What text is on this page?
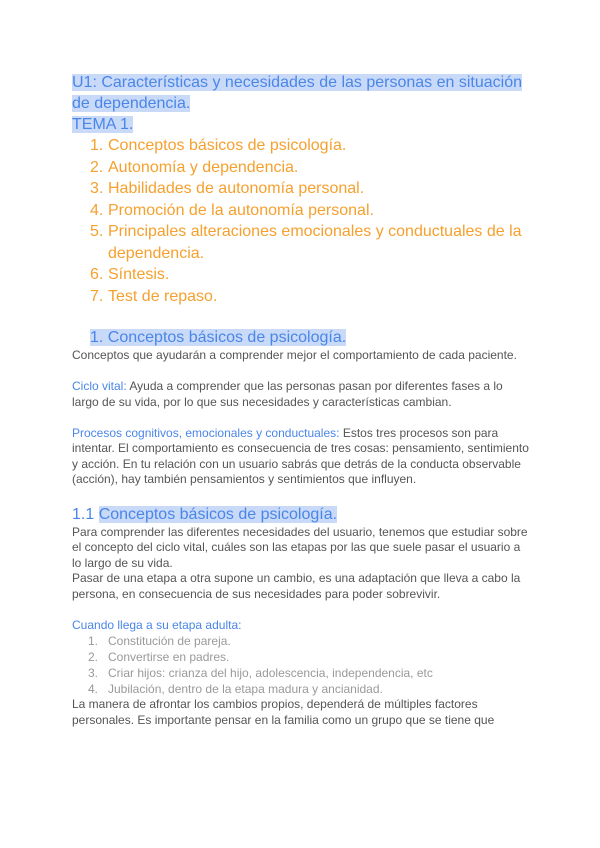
U1: Características y necesidades de las personas en situación de dependencia.
TEMA 1.
1. Conceptos básicos de psicología.
2. Autonomía y dependencia.
3. Habilidades de autonomía personal.
4. Promoción de la autonomía personal.
5. Principales alteraciones emocionales y conductuales de la dependencia.
6. Síntesis.
7. Test de repaso.
1. Conceptos básicos de psicología.

Conceptos que ayudarán a comprender mejor el comportamiento de cada paciente.

Ciclo vital: Ayuda a comprender que las personas pasan por diferentes fases a lo largo de su vida, por lo que sus necesidades y características cambian.

Procesos cognitivos, emocionales y conductuales: Estos tres procesos son para intentar. El comportamiento es consecuencia de tres cosas: pensamiento, sentimiento y acción. En tu relación con un usuario sabrás que detrás de la conducta observable (acción), hay también pensamientos y sentimientos que influyen.

1.1 Conceptos básicos de psicología.

Para comprender las diferentes necesidades del usuario, tenemos que estudiar sobre el concepto del ciclo vital, cuáles son las etapas por las que suele pasar el usuario a lo largo de su vida.

Pasar de una etapa a otra supone un cambio, es una adaptación que lleva a cabo la persona, en consecuencia de sus necesidades para poder sobrevivir.

Cuando llega a su etapa adulta:

1. Constitución de pareja.
2. Convertirse en padres.
3. Criar hijos: crianza del hijo, adolescencia, independencia, etc
4. Jubilación, dentro de la etapa madura y ancianidad.

La manera de afrontar los cambios propios, dependerá de múltiples factores personales. Es importante pensar en la familia como un grupo que se tiene que
